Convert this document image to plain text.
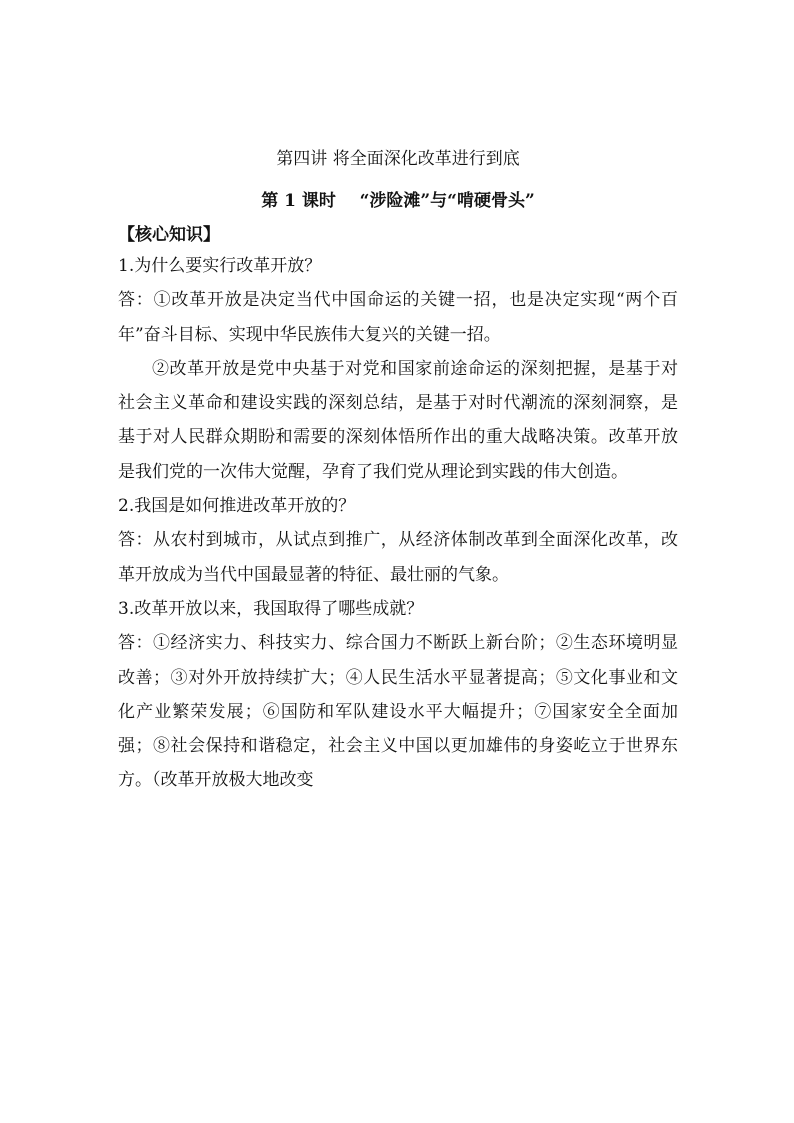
第四讲 将全面深化改革进行到底
第 1 课时    “涉险滩”与“啃硬骨头”
【核心知识】
1.为什么要实行改革开放？
答：①改革开放是决定当代中国命运的关键一招，也是决定实现“两个百年”奋斗目标、实现中华民族伟大复兴的关键一招。
②改革开放是党中央基于对党和国家前途命运的深刻把握，是基于对社会主义革命和建设实践的深刻总结，是基于对时代潮流的深刻洞察，是基于对人民群众期盼和需要的深刻体悟所作出的重大战略决策。改革开放是我们党的一次伟大觉醒，孕育了我们党从理论到实践的伟大创造。
2.我国是如何推进改革开放的？
答：从农村到城市，从试点到推广，从经济体制改革到全面深化改革，改革开放成为当代中国最显著的特征、最壮丽的气象。
3.改革开放以来，我国取得了哪些成就？
答：①经济实力、科技实力、综合国力不断跃上新台阶；②生态环境明显改善；③对外开放持续扩大；④人民生活水平显著提高；⑤文化事业和文化产业繁荣发展；⑥国防和军队建设水平大幅提升；⑦国家安全全面加强；⑧社会保持和谐稳定，社会主义中国以更加雄伟的身姿屹立于世界东方。（改革开放极大地改变
